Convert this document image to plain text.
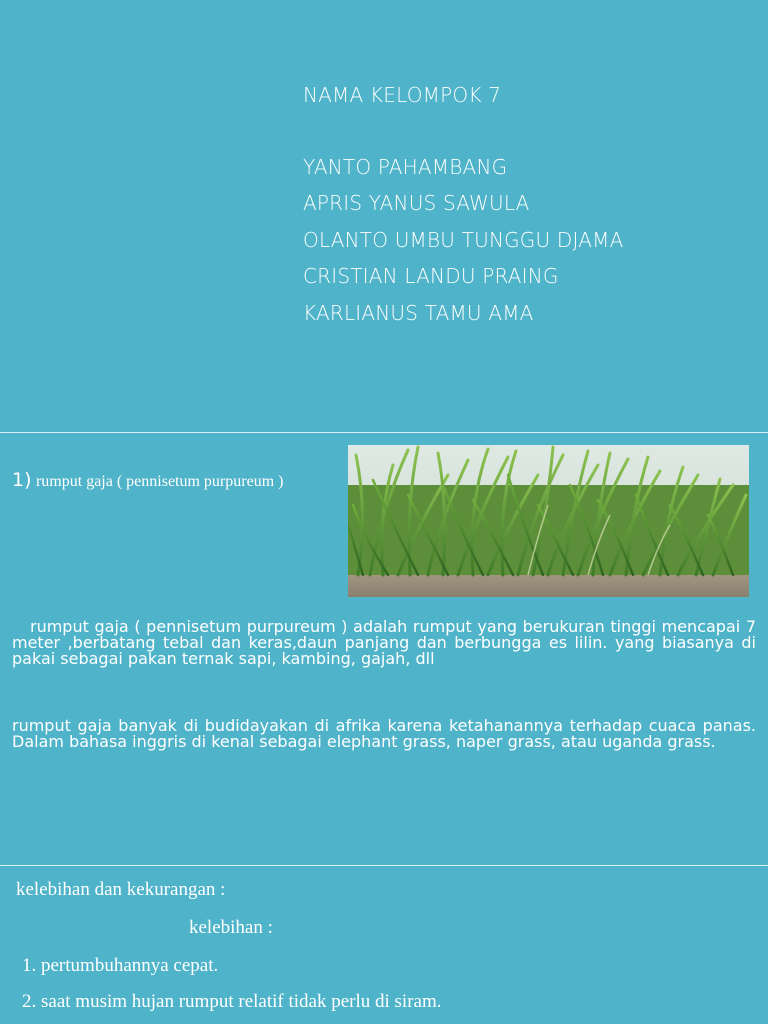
NAMA KELOMPOK 7
YANTO PAHAMBANG
APRIS YANUS SAWULA
OLANTO UMBU TUNGGU DJAMA
CRISTIAN LANDU PRAING
KARLIANUS TAMU AMA
1) rumput gaja ( pennisetum purpureum )

rumput gaja ( pennisetum purpureum ) adalah rumput yang berukuran tinggi mencapai 7 meter ,berbatang tebal dan keras,daun panjang dan berbungga es lilin. yang biasanya di pakai sebagai pakan ternak sapi, kambing, gajah, dll

rumput gaja banyak di budidayakan di afrika karena ketahanannya terhadap cuaca panas. Dalam bahasa inggris di kenal sebagai elephant grass, naper grass, atau uganda grass.

kelebihan dan kekurangan :
kelebihan :
1. pertumbuhannya cepat.
2. saat musim hujan rumput relatif tidak perlu di siram.
